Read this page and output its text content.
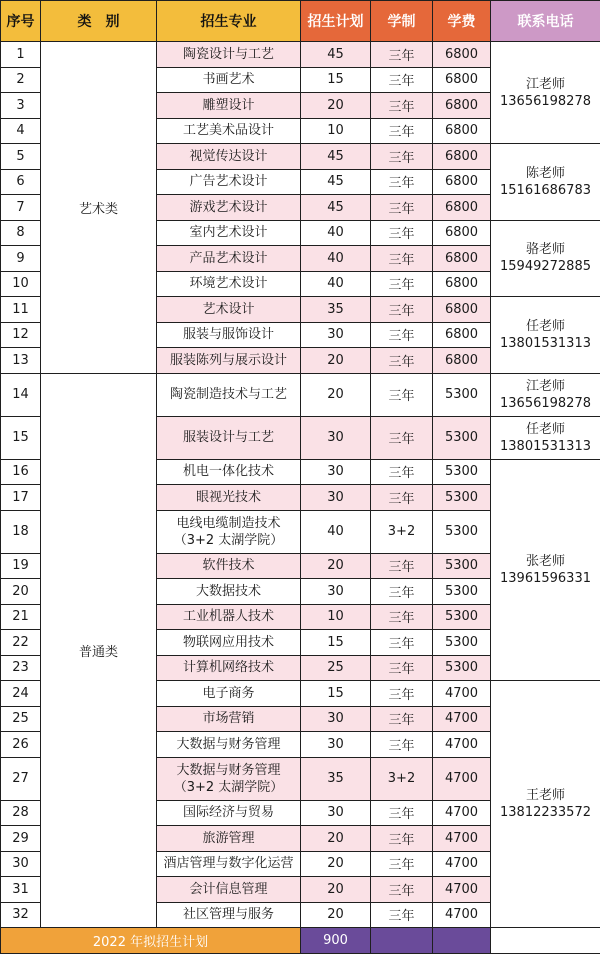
序号	类　别	招生专业	招生计划	学制	学费	联系电话
1	艺术类	陶瓷设计与工艺	45	三年	6800	江老师
13656198278

2		书画艺术	15	三年	6800	
3		雕塑设计	20	三年	6800	
4		工艺美术品设计	10	三年	6800	
5		视觉传达设计	45	三年	6800	陈老师
15161686783

6		广告艺术设计	45	三年	6800	
7		游戏艺术设计	45	三年	6800	
8		室内艺术设计	40	三年	6800	骆老师
15949272885

9		产品艺术设计	40	三年	6800	
10		环境艺术设计	40	三年	6800	
11		艺术设计	35	三年	6800	任老师
13801531313

12		服装与服饰设计	30	三年	6800	
13		服装陈列与展示设计	20	三年	6800	
14	普通类	陶瓷制造技术与工艺	20	三年	5300	江老师
13656198278

15		服装设计与工艺	30	三年	5300	任老师
13801531313

16		机电一体化技术	30	三年	5300	张老师
13961596331

17		眼视光技术	30	三年	5300	
18		电线电缆制造技术
（3+2 太湖学院）	40	3+2	5300	
19		软件技术	20	三年	5300	
20		大数据技术	30	三年	5300	
21		工业机器人技术	10	三年	5300	
22		物联网应用技术	15	三年	5300	
23		计算机网络技术	25	三年	5300	
24		电子商务	15	三年	4700	王老师
13812233572

25		市场营销	30	三年	4700	
26		大数据与财务管理	30	三年	4700	
27		大数据与财务管理
（3+2 太湖学院）	35	3+2	4700	
28		国际经济与贸易	30	三年	4700	
29		旅游管理	20	三年	4700	
30		酒店管理与数字化运营	20	三年	4700	
31		会计信息管理	20	三年	4700	
32		社区管理与服务	20	三年	4700	
2022 年拟招生计划			900			
